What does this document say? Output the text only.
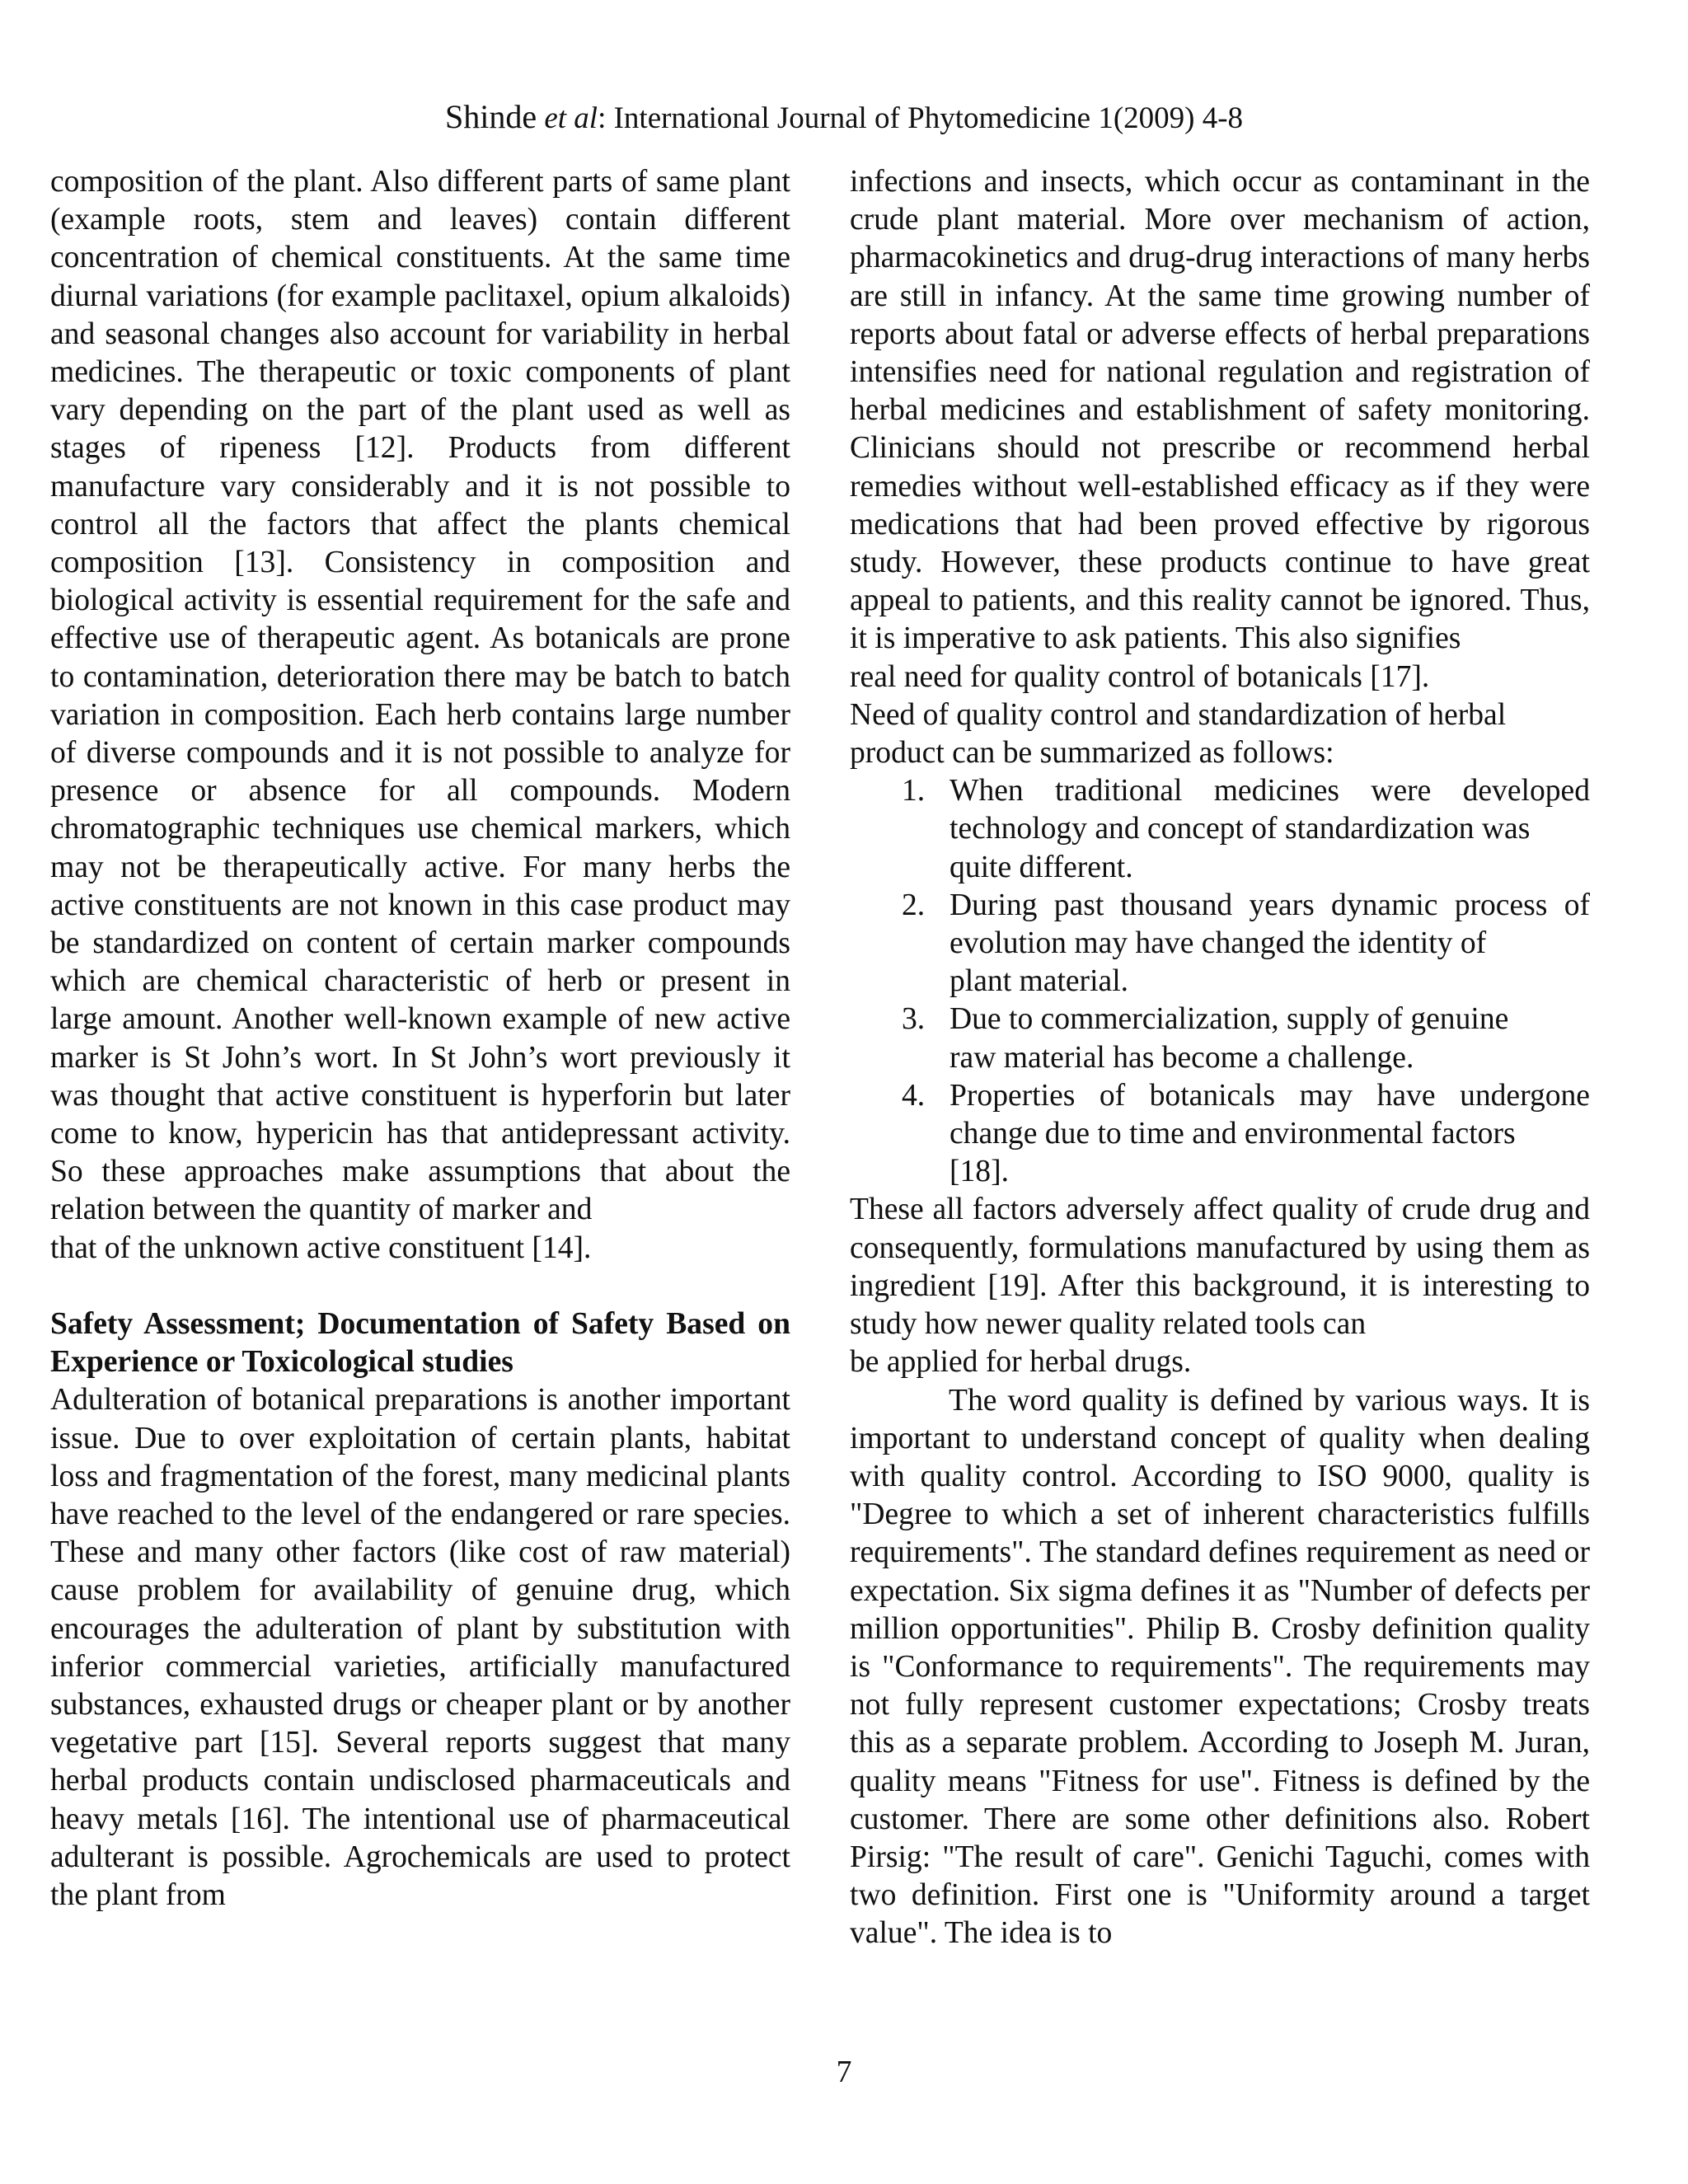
Shinde et al: International Journal of Phytomedicine 1(2009) 4-8

composition of the plant. Also different parts of same plant (example roots, stem and leaves) contain different concentration of chemical constituents. At the same time diurnal variations (for example paclitaxel, opium alkaloids) and seasonal changes also account for variability in herbal medicines. The therapeutic or toxic components of plant vary depending on the part of the plant used as well as stages of ripeness [12]. Products from different manufacture vary considerably and it is not possible to control all the factors that affect the plants chemical composition [13]. Consistency in composition and biological activity is essential requirement for the safe and effective use of therapeutic agent. As botanicals are prone to contamination, deterioration there may be batch to batch variation in composition. Each herb contains large number of diverse compounds and it is not possible to analyze for presence or absence for all compounds. Modern chromatographic techniques use chemical markers, which may not be therapeutically active. For many herbs the active constituents are not known in this case product may be standardized on content of certain marker compounds which are chemical characteristic of herb or present in large amount. Another well-known example of new active marker is St John’s wort. In St John’s wort previously it was thought that active constituent is hyperforin but later come to know, hypericin has that antidepressant activity. So these approaches make assumptions that about the relation between the quantity of marker and

that of the unknown active constituent [14].

Safety Assessment; Documentation of Safety Based on Experience or Toxicological studies

Adulteration of botanical preparations is another important issue. Due to over exploitation of certain plants, habitat loss and fragmentation of the forest, many medicinal plants have reached to the level of the endangered or rare species. These and many other factors (like cost of raw material) cause problem for availability of genuine drug, which encourages the adulteration of plant by substitution with inferior commercial varieties, artificially manufactured substances, exhausted drugs or cheaper plant or by another vegetative part [15]. Several reports suggest that many herbal products contain undisclosed pharmaceuticals and heavy metals [16]. The intentional use of pharmaceutical adulterant is possible. Agrochemicals are used to protect the plant from

infections and insects, which occur as contaminant in the crude plant material. More over mechanism of action, pharmacokinetics and drug-drug interactions of many herbs are still in infancy. At the same time growing number of reports about fatal or adverse effects of herbal preparations intensifies need for national regulation and registration of herbal medicines and establishment of safety monitoring. Clinicians should not prescribe or recommend herbal remedies without well-established efficacy as if they were medications that had been proved effective by rigorous study. However, these products continue to have great appeal to patients, and this reality cannot be ignored. Thus, it is imperative to ask patients. This also signifies

real need for quality control of botanicals [17].

Need of quality control and standardization of herbal

product can be summarized as follows:

1. When traditional medicines were developed technology and concept of standardization was
quite different.
2. During past thousand years dynamic process of evolution may have changed the identity of
plant material.
3. Due to commercialization, supply of genuine
raw material has become a challenge.
4. Properties of botanicals may have undergone change due to time and environmental factors
[18].

These all factors adversely affect quality of crude drug and consequently, formulations manufactured by using them as ingredient [19]. After this background, it is interesting to study how newer quality related tools can

be applied for herbal drugs.

The word quality is defined by various ways. It is important to understand concept of quality when dealing with quality control. According to ISO 9000, quality is "Degree to which a set of inherent characteristics fulfills requirements". The standard defines requirement as need or expectation. Six sigma defines it as "Number of defects per million opportunities". Philip B. Crosby definition quality is "Conformance to requirements". The requirements may not fully represent customer expectations; Crosby treats this as a separate problem. According to Joseph M. Juran, quality means "Fitness for use". Fitness is defined by the customer. There are some other definitions also. Robert Pirsig: "The result of care". Genichi Taguchi, comes with two definition. First one is "Uniformity around a target value". The idea is to

7
